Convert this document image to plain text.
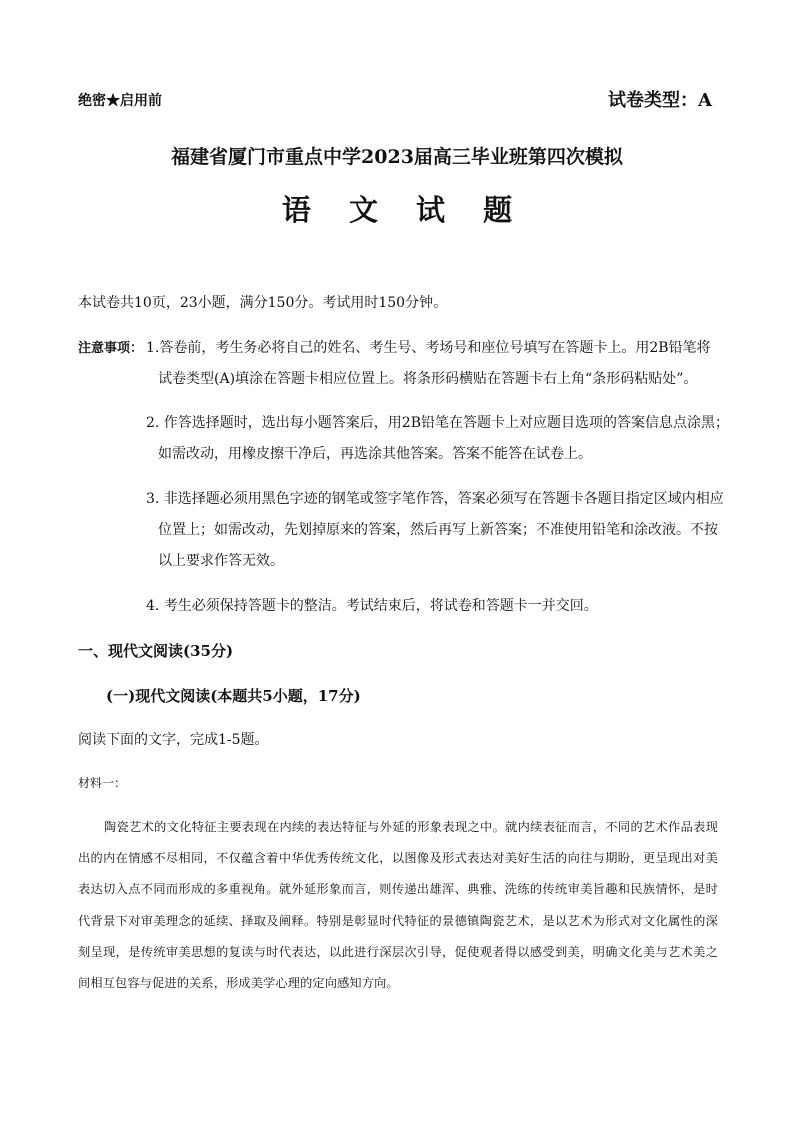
绝密★启用前	试卷类型：A
福建省厦门市重点中学2023届高三毕业班第四次模拟
语 文 试 题
本试卷共10页，23小题，满分150分。考试用时150分钟。
注意事项： 1.答卷前，考生务必将自己的姓名、考生号、考场号和座位号填写在答题卡上。用2B铅笔将
试卷类型(A)填涂在答题卡相应位置上。将条形码横贴在答题卡右上角“条形码粘贴处”。
2. 作答选择题时，选出每小题答案后，用2B铅笔在答题卡上对应题目选项的答案信息点涂黑；
如需改动，用橡皮擦干净后，再选涂其他答案。答案不能答在试卷上。
3. 非选择题必须用黑色字迹的钢笔或签字笔作答，答案必须写在答题卡各题目指定区域内相应
位置上；如需改动，先划掉原来的答案，然后再写上新答案；不准使用铅笔和涂改液。不按
以上要求作答无效。
4. 考生必须保持答题卡的整洁。考试结束后，将试卷和答题卡一并交回。
一、现代文阅读(35分)
(一)现代文阅读(本题共5小题，17分)
阅读下面的文字，完成1-5题。
材料一：
陶瓷艺术的文化特征主要表现在内续的表达特征与外延的形象表现之中。就内续表征而言，不同的艺术作品表现出的内在情感不尽相同，不仅蕴含着中华优秀传统文化，以图像及形式表达对美好生活的向往与期盼，更呈现出对美表达切入点不同而形成的多重视角。就外延形象而言，则传递出雄浑、典雅、洗练的传统审美旨趣和民族情怀，是时代背景下对审美理念的延续、择取及阐释。特别是彰显时代特征的景德镇陶瓷艺术，是以艺术为形式对文化属性的深刻呈现，是传统审美思想的复读与时代表达，以此进行深层次引导，促使观者得以感受到美，明确文化美与艺术美之间相互包容与促进的关系，形成美学心理的定向感知方向。
